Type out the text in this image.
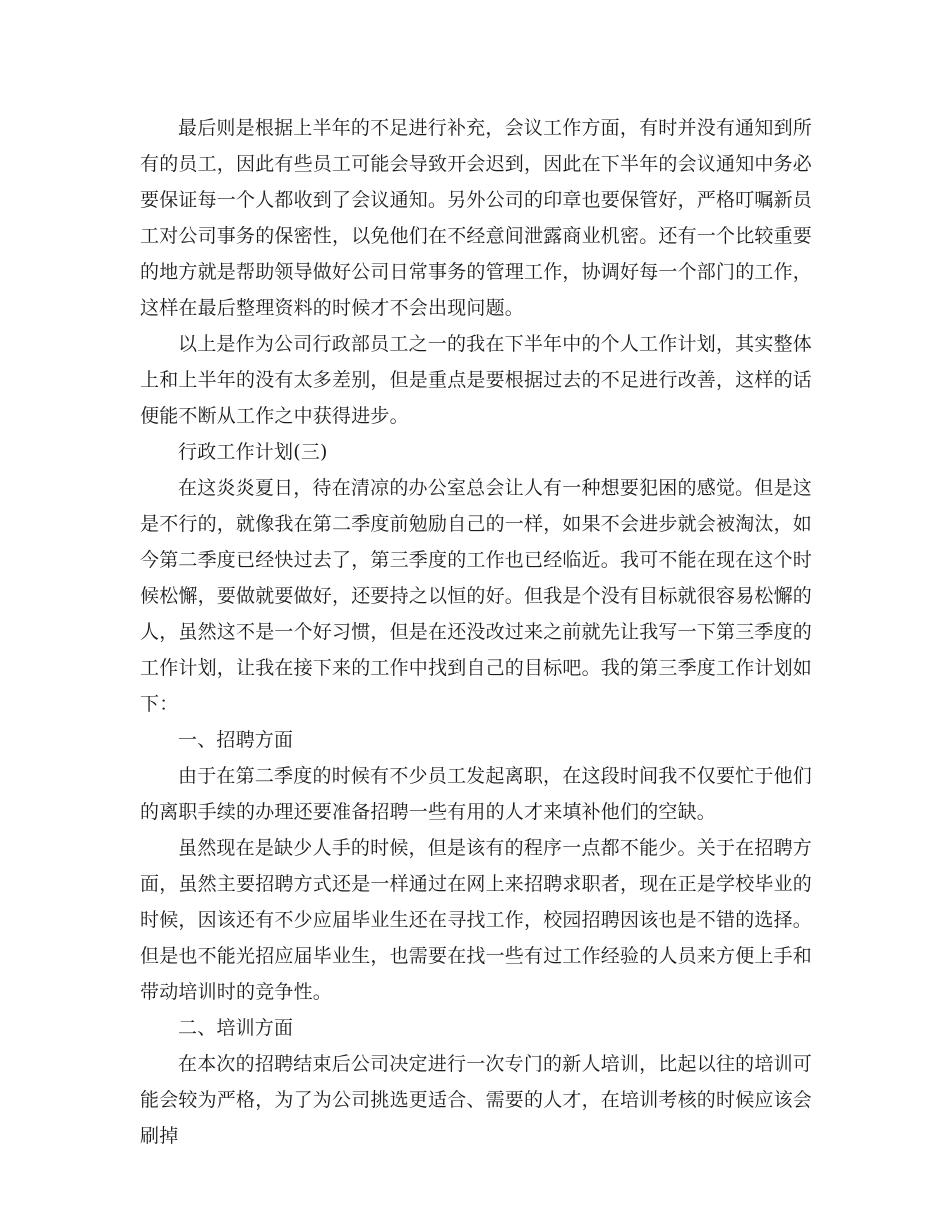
最后则是根据上半年的不足进行补充，会议工作方面，有时并没有通知到所有的员工，因此有些员工可能会导致开会迟到，因此在下半年的会议通知中务必要保证每一个人都收到了会议通知。另外公司的印章也要保管好，严格叮嘱新员工对公司事务的保密性，以免他们在不经意间泄露商业机密。还有一个比较重要的地方就是帮助领导做好公司日常事务的管理工作，协调好每一个部门的工作，这样在最后整理资料的时候才不会出现问题。

以上是作为公司行政部员工之一的我在下半年中的个人工作计划，其实整体上和上半年的没有太多差别，但是重点是要根据过去的不足进行改善，这样的话便能不断从工作之中获得进步。

行政工作计划(三)

在这炎炎夏日，待在清凉的办公室总会让人有一种想要犯困的感觉。但是这是不行的，就像我在第二季度前勉励自己的一样，如果不会进步就会被淘汰，如今第二季度已经快过去了，第三季度的工作也已经临近。我可不能在现在这个时候松懈，要做就要做好，还要持之以恒的好。但我是个没有目标就很容易松懈的人，虽然这不是一个好习惯，但是在还没改过来之前就先让我写一下第三季度的工作计划，让我在接下来的工作中找到自己的目标吧。我的第三季度工作计划如下：

一、招聘方面

由于在第二季度的时候有不少员工发起离职，在这段时间我不仅要忙于他们的离职手续的办理还要准备招聘一些有用的人才来填补他们的空缺。

虽然现在是缺少人手的时候，但是该有的程序一点都不能少。关于在招聘方面，虽然主要招聘方式还是一样通过在网上来招聘求职者，现在正是学校毕业的时候，因该还有不少应届毕业生还在寻找工作，校园招聘因该也是不错的选择。但是也不能光招应届毕业生，也需要在找一些有过工作经验的人员来方便上手和带动培训时的竞争性。

二、培训方面

在本次的招聘结束后公司决定进行一次专门的新人培训，比起以往的培训可能会较为严格，为了为公司挑选更适合、需要的人才，在培训考核的时候应该会刷掉
